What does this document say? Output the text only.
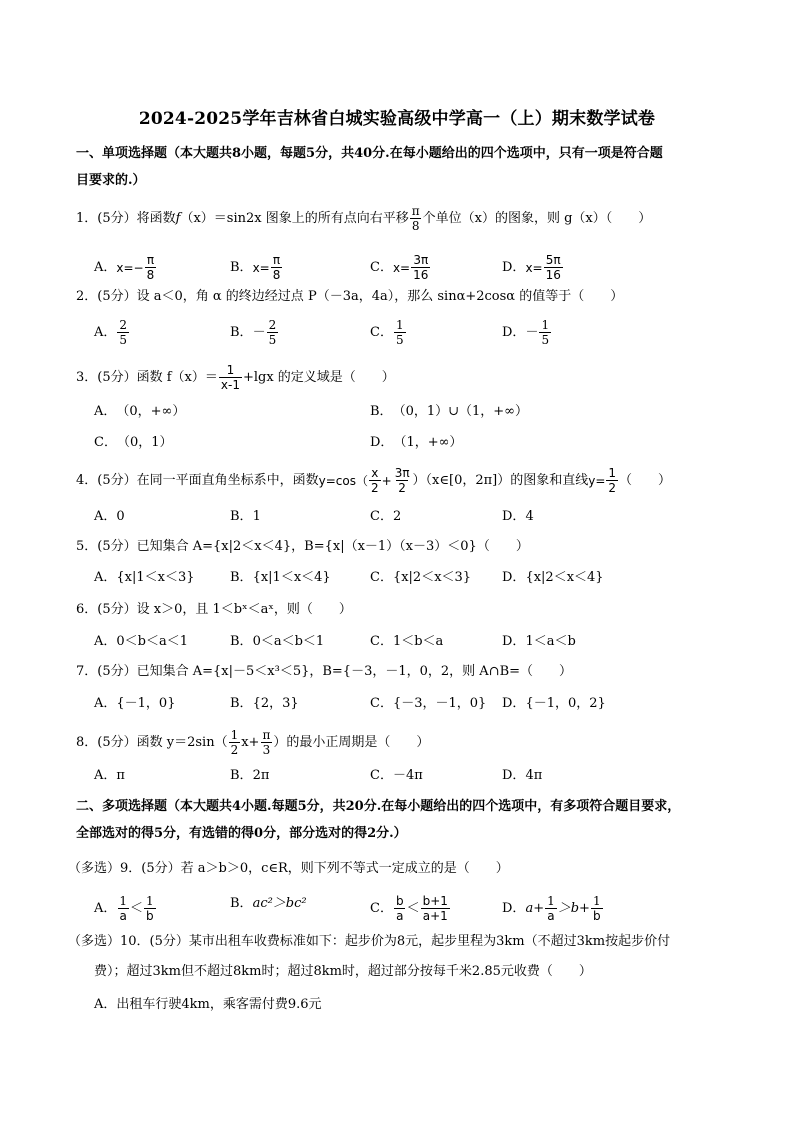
2024-2025学年吉林省白城实验高级中学高一（上）期末数学试卷
一、单项选择题（本大题共8小题，每题5分，共40分.在每小题给出的四个选项中，只有一项是符合题
目要求的.）
1．(5分）将函数 f （x）＝sin2x 图象上的所有点向右平移 $\frac{\pi}{8}$ 个单位（x）的图象，则 g（x）（　　）
A． $x=- \frac{\pi}{8}$	B． $x= \frac{\pi}{8}$	C． $x= \frac{3\pi}{16}$	D． $x= \frac{5\pi}{16}$
2．(5分）设 a＜0，角 α 的终边经过点 P（－3a，4a），那么 sinα+2cosα 的值等于（　　）
A． $\frac{2}{5}$	B． － $\frac{2}{5}$	C． $\frac{1}{5}$	D． － $\frac{1}{5}$
3．(5分）函数 $f(x)= \frac{1}{x-1} +\lg x$ 的定义域是（　　）
A． （0，+∞）	B． （0，1）∪（1，+∞）
C． （0，1）	D． （1，+∞）
4．(5分）在同一平面直角坐标系中，函数 $y=\cos( \frac{x}{2} + \frac{3\pi}{2}$ ）（x∈[0，2π]）的图象和直线 $y= \frac{1}{2}$ （　　）
A． 0	B． 1	C． 2	D． 4
5．(5分）已知集合 A={x|2＜x＜4}，B={x|（x－1）（x－3）＜0}（　　）
A． {x|1＜x＜3}	B． {x|1＜x＜4}	C． {x|2＜x＜3} D． {x|2＜x＜4}
6．(5分）设 x＞0，且 1＜bˣ＜aˣ，则（　　）
A． 0＜b＜a＜1	B． 0＜a＜b＜1	C． 1＜b＜a	D． 1＜a＜b
7．(5分）已知集合 A={x|－5＜x³＜5}，B={－3，－1，0，2，则 A∩B=（　　）
A． {－1，0}	B． {2，3}	C． {－3，－1，0} D． {－1，0，2}
8．(5分）函数 $y=2\sin( \frac{1}{2} x+ \frac{\pi}{3}$ ）的最小正周期是（　　）
A． π	B． 2π	C． －4π	D． 4π
二、多项选择题（本大题共4小题.每题5分，共20分.在每小题给出的四个选项中，有多项符合题目要求，
全部选对的得5分，有选错的得0分，部分选对的得2分.）
（多选）9．(5分）若 a＞b＞0，c∈R，则下列不等式一定成立的是（　　）
A． $\frac{1}{a} < \frac{1}{b}$	B． ac²＞bc²	C． $\frac{b}{a} < \frac{b+1}{a+1}$	D． $a+ \frac{1}{a} >b+ \frac{1}{b}$
（多选）10．(5分）某市出租车收费标准如下：起步价为8元，起步里程为3km（不超过3km按起步价付
费）；超过3km但不超过8km时；超过8km时，超过部分按每千米2.85元收费（　　）
A．出租车行驶4km，乘客需付费9.6元
